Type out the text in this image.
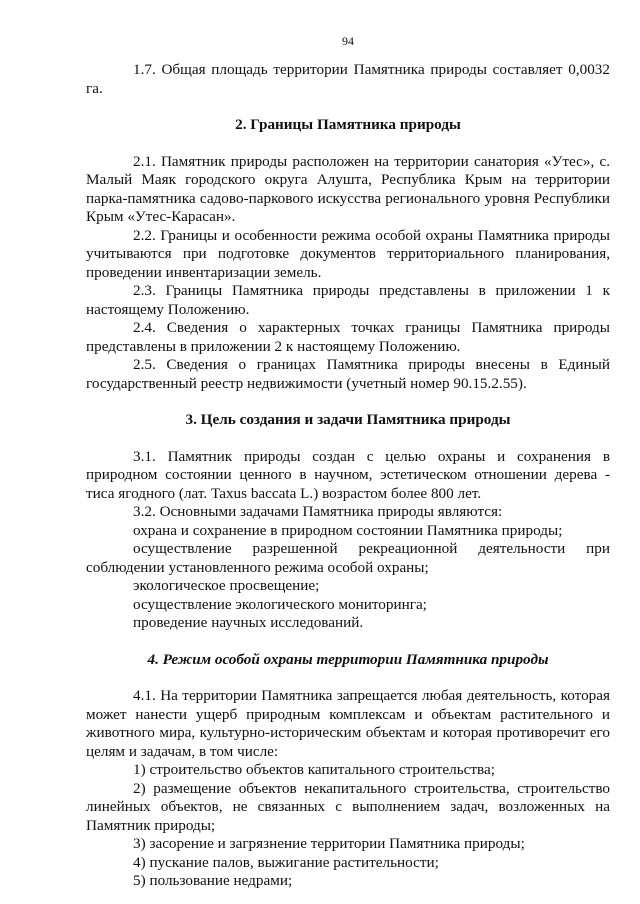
94

1.7. Общая площадь территории Памятника природы составляет 0,0032 га.

2. Границы Памятника природы

2.1. Памятник природы расположен на территории санатория «Утес», с. Малый Маяк городского округа Алушта, Республика Крым на территории парка-памятника садово-паркового искусства регионального уровня Республики Крым «Утес-Карасан».

2.2. Границы и особенности режима особой охраны Памятника природы учитываются при подготовке документов территориального планирования, проведении инвентаризации земель.

2.3. Границы Памятника природы представлены в приложении 1 к настоящему Положению.

2.4. Сведения о характерных точках границы Памятника природы представлены в приложении 2 к настоящему Положению.

2.5. Сведения о границах Памятника природы внесены в Единый государственный реестр недвижимости (учетный номер 90.15.2.55).

3. Цель создания и задачи Памятника природы

3.1. Памятник природы создан с целью охраны и сохранения в природном состоянии ценного в научном, эстетическом отношении дерева - тиса ягодного (лат. Taxus baccata L.) возрастом более 800 лет.

3.2. Основными задачами Памятника природы являются:

охрана и сохранение в природном состоянии Памятника природы;

осуществление разрешенной рекреационной деятельности при соблюдении установленного режима особой охраны;

экологическое просвещение;

осуществление экологического мониторинга;

проведение научных исследований.

4. Режим особой охраны территории Памятника природы

4.1. На территории Памятника запрещается любая деятельность, которая может нанести ущерб природным комплексам и объектам растительного и животного мира, культурно-историческим объектам и которая противоречит его целям и задачам, в том числе:

1) строительство объектов капитального строительства;

2) размещение объектов некапитального строительства, строительство линейных объектов, не связанных с выполнением задач, возложенных на Памятник природы;

3) засорение и загрязнение территории Памятника природы;

4) пускание палов, выжигание растительности;

5) пользование недрами;
